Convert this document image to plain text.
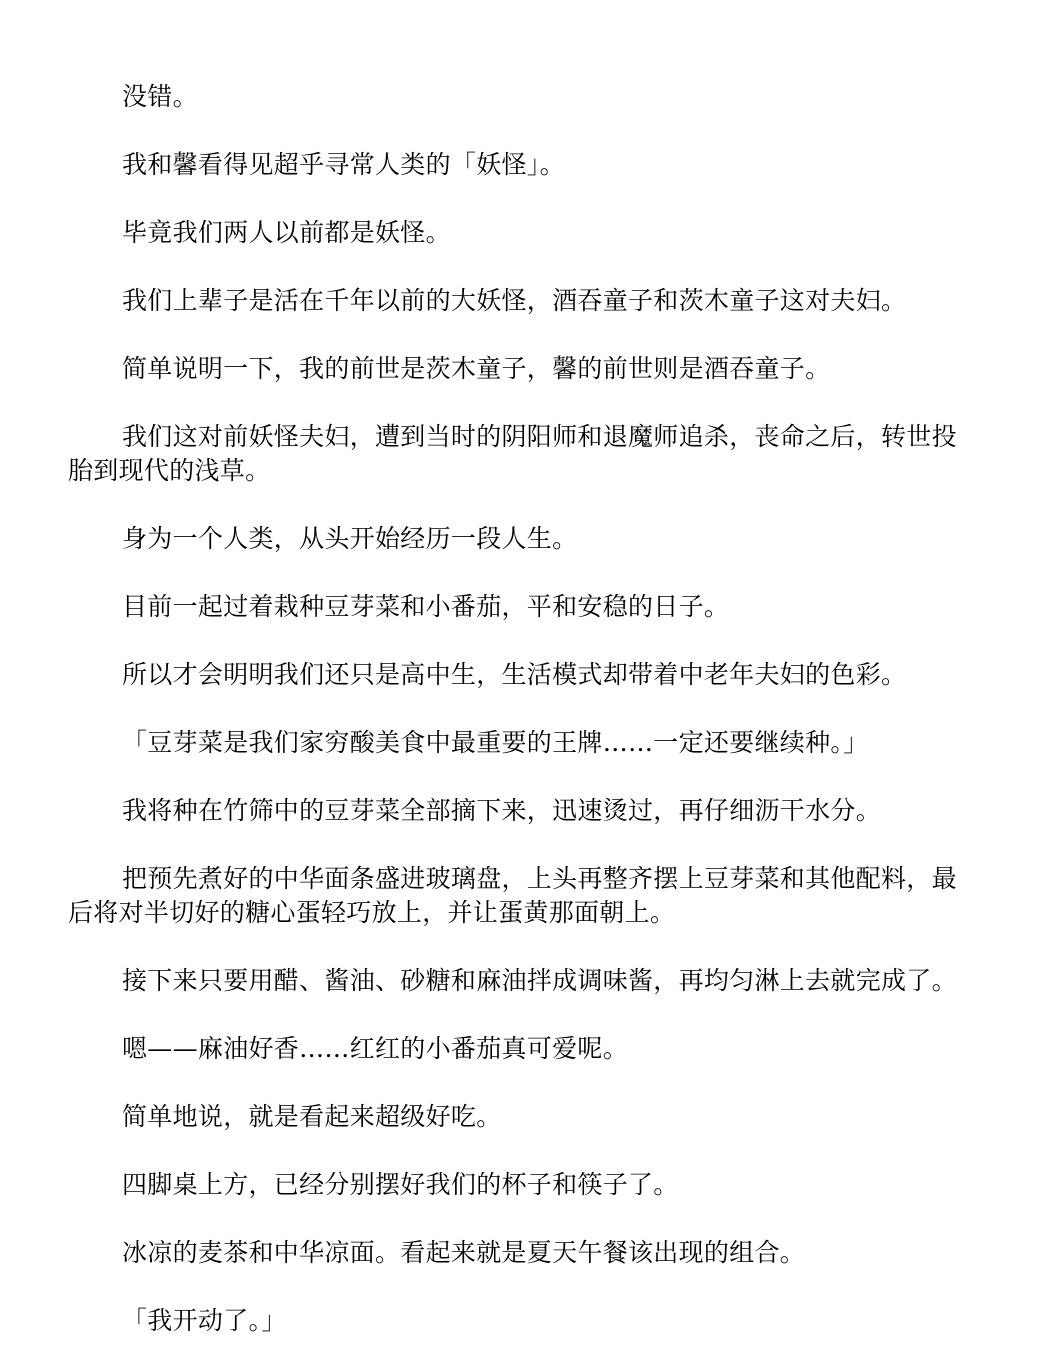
没错。

我和馨看得见超乎寻常人类的「妖怪」。

毕竟我们两人以前都是妖怪。

我们上辈子是活在千年以前的大妖怪，酒吞童子和茨木童子这对夫妇。

简单说明一下，我的前世是茨木童子，馨的前世则是酒吞童子。

我们这对前妖怪夫妇，遭到当时的阴阳师和退魔师追杀，丧命之后，转世投胎到现代的浅草。

身为一个人类，从头开始经历一段人生。

目前一起过着栽种豆芽菜和小番茄，平和安稳的日子。

所以才会明明我们还只是高中生，生活模式却带着中老年夫妇的色彩。

「豆芽菜是我们家穷酸美食中最重要的王牌……一定还要继续种。」

我将种在竹筛中的豆芽菜全部摘下来，迅速烫过，再仔细沥干水分。

把预先煮好的中华面条盛进玻璃盘，上头再整齐摆上豆芽菜和其他配料，最后将对半切好的糖心蛋轻巧放上，并让蛋黄那面朝上。

接下来只要用醋、酱油、砂糖和麻油拌成调味酱，再均匀淋上去就完成了。

嗯——麻油好香……红红的小番茄真可爱呢。

简单地说，就是看起来超级好吃。

四脚桌上方，已经分别摆好我们的杯子和筷子了。

冰凉的麦茶和中华凉面。看起来就是夏天午餐该出现的组合。

「我开动了。」
